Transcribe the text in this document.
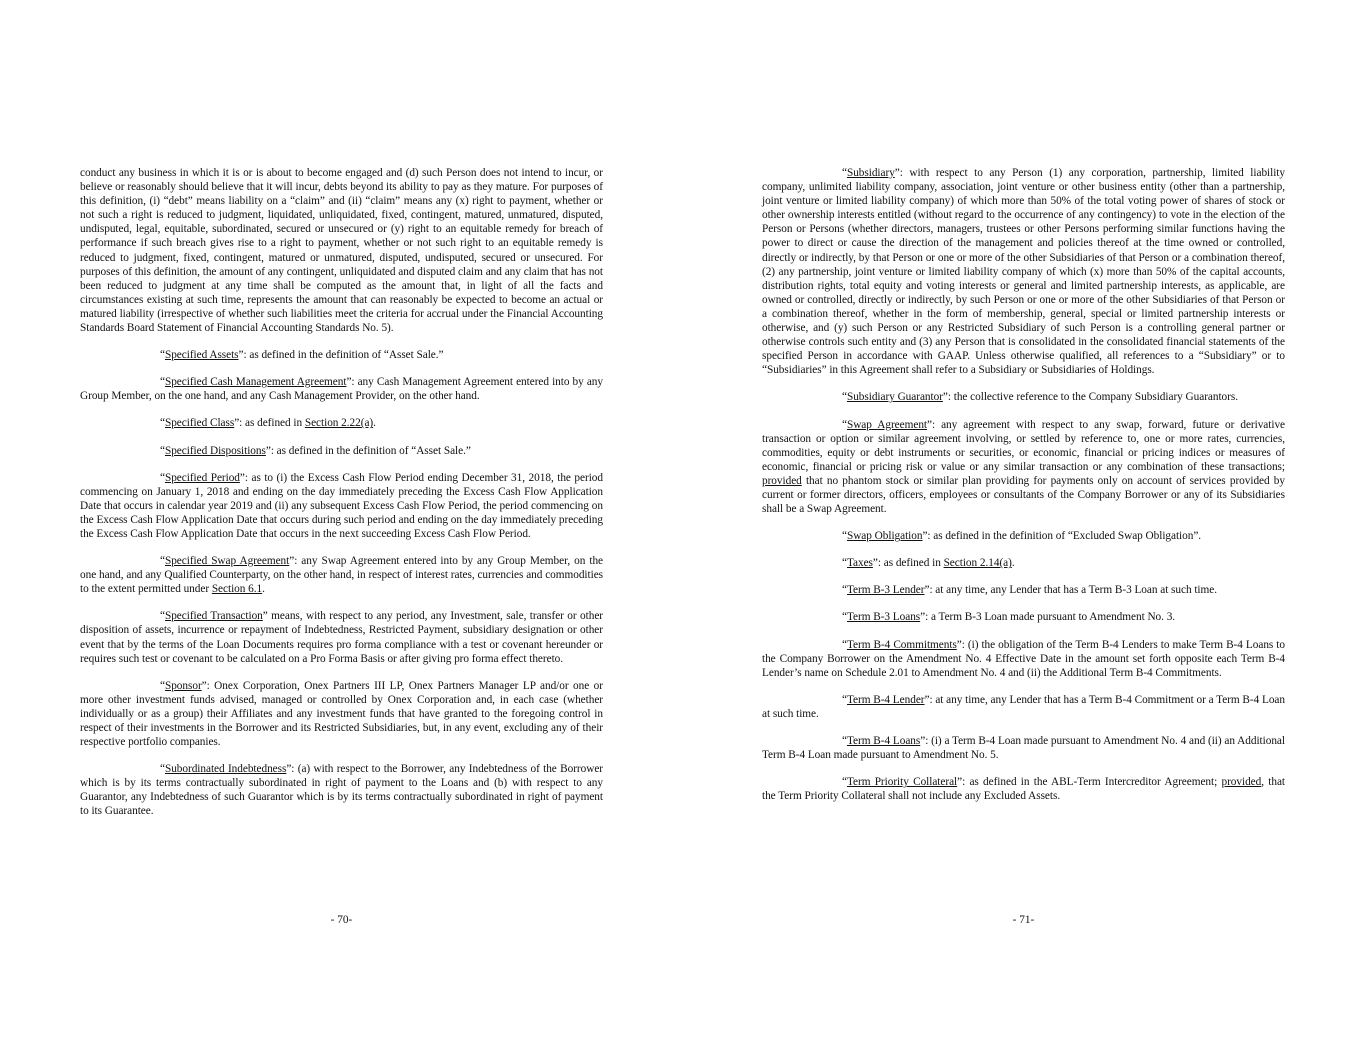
conduct any business in which it is or is about to become engaged and (d) such Person does not intend to incur, or believe or reasonably should believe that it will incur, debts beyond its ability to pay as they mature. For purposes of this definition, (i) “debt” means liability on a “claim” and (ii) “claim” means any (x) right to payment, whether or not such a right is reduced to judgment, liquidated, unliquidated, fixed, contingent, matured, unmatured, disputed, undisputed, legal, equitable, subordinated, secured or unsecured or (y) right to an equitable remedy for breach of performance if such breach gives rise to a right to payment, whether or not such right to an equitable remedy is reduced to judgment, fixed, contingent, matured or unmatured, disputed, undisputed, secured or unsecured. For purposes of this definition, the amount of any contingent, unliquidated and disputed claim and any claim that has not been reduced to judgment at any time shall be computed as the amount that, in light of all the facts and circumstances existing at such time, represents the amount that can reasonably be expected to become an actual or matured liability (irrespective of whether such liabilities meet the criteria for accrual under the Financial Accounting Standards Board Statement of Financial Accounting Standards No. 5).

“Specified Assets”: as defined in the definition of “Asset Sale.”

“Specified Cash Management Agreement”: any Cash Management Agreement entered into by any Group Member, on the one hand, and any Cash Management Provider, on the other hand.

“Specified Class”: as defined in Section 2.22(a).

“Specified Dispositions”: as defined in the definition of “Asset Sale.”

“Specified Period”: as to (i) the Excess Cash Flow Period ending December 31, 2018, the period commencing on January 1, 2018 and ending on the day immediately preceding the Excess Cash Flow Application Date that occurs in calendar year 2019 and (ii) any subsequent Excess Cash Flow Period, the period commencing on the Excess Cash Flow Application Date that occurs during such period and ending on the day immediately preceding the Excess Cash Flow Application Date that occurs in the next succeeding Excess Cash Flow Period.

“Specified Swap Agreement”: any Swap Agreement entered into by any Group Member, on the one hand, and any Qualified Counterparty, on the other hand, in respect of interest rates, currencies and commodities to the extent permitted under Section 6.1.

“Specified Transaction” means, with respect to any period, any Investment, sale, transfer or other disposition of assets, incurrence or repayment of Indebtedness, Restricted Payment, subsidiary designation or other event that by the terms of the Loan Documents requires pro forma compliance with a test or covenant hereunder or requires such test or covenant to be calculated on a Pro Forma Basis or after giving pro forma effect thereto.

“Sponsor”: Onex Corporation, Onex Partners III LP, Onex Partners Manager LP and/or one or more other investment funds advised, managed or controlled by Onex Corporation and, in each case (whether individually or as a group) their Affiliates and any investment funds that have granted to the foregoing control in respect of their investments in the Borrower and its Restricted Subsidiaries, but, in any event, excluding any of their respective portfolio companies.

“Subordinated Indebtedness”: (a) with respect to the Borrower, any Indebtedness of the Borrower which is by its terms contractually subordinated in right of payment to the Loans and (b) with respect to any Guarantor, any Indebtedness of such Guarantor which is by its terms contractually subordinated in right of payment to its Guarantee.

- 70-

“Subsidiary”: with respect to any Person (1) any corporation, partnership, limited liability company, unlimited liability company, association, joint venture or other business entity (other than a partnership, joint venture or limited liability company) of which more than 50% of the total voting power of shares of stock or other ownership interests entitled (without regard to the occurrence of any contingency) to vote in the election of the Person or Persons (whether directors, managers, trustees or other Persons performing similar functions having the power to direct or cause the direction of the management and policies thereof at the time owned or controlled, directly or indirectly, by that Person or one or more of the other Subsidiaries of that Person or a combination thereof, (2) any partnership, joint venture or limited liability company of which (x) more than 50% of the capital accounts, distribution rights, total equity and voting interests or general and limited partnership interests, as applicable, are owned or controlled, directly or indirectly, by such Person or one or more of the other Subsidiaries of that Person or a combination thereof, whether in the form of membership, general, special or limited partnership interests or otherwise, and (y) such Person or any Restricted Subsidiary of such Person is a controlling general partner or otherwise controls such entity and (3) any Person that is consolidated in the consolidated financial statements of the specified Person in accordance with GAAP. Unless otherwise qualified, all references to a “Subsidiary” or to “Subsidiaries” in this Agreement shall refer to a Subsidiary or Subsidiaries of Holdings.

“Subsidiary Guarantor”: the collective reference to the Company Subsidiary Guarantors.

“Swap Agreement”: any agreement with respect to any swap, forward, future or derivative transaction or option or similar agreement involving, or settled by reference to, one or more rates, currencies, commodities, equity or debt instruments or securities, or economic, financial or pricing indices or measures of economic, financial or pricing risk or value or any similar transaction or any combination of these transactions; provided that no phantom stock or similar plan providing for payments only on account of services provided by current or former directors, officers, employees or consultants of the Company Borrower or any of its Subsidiaries shall be a Swap Agreement.

“Swap Obligation”: as defined in the definition of “Excluded Swap Obligation”.

“Taxes”: as defined in Section 2.14(a).

“Term B-3 Lender”: at any time, any Lender that has a Term B-3 Loan at such time.

“Term B-3 Loans”: a Term B-3 Loan made pursuant to Amendment No. 3.

“Term B-4 Commitments”: (i) the obligation of the Term B-4 Lenders to make Term B-4 Loans to the Company Borrower on the Amendment No. 4 Effective Date in the amount set forth opposite each Term B-4 Lender’s name on Schedule 2.01 to Amendment No. 4 and (ii) the Additional Term B-4 Commitments.

“Term B-4 Lender”: at any time, any Lender that has a Term B-4 Commitment or a Term B-4 Loan at such time.

“Term B-4 Loans”: (i) a Term B-4 Loan made pursuant to Amendment No. 4 and (ii) an Additional Term B-4 Loan made pursuant to Amendment No. 5.

“Term Priority Collateral”: as defined in the ABL-Term Intercreditor Agreement; provided, that the Term Priority Collateral shall not include any Excluded Assets.

- 71-
